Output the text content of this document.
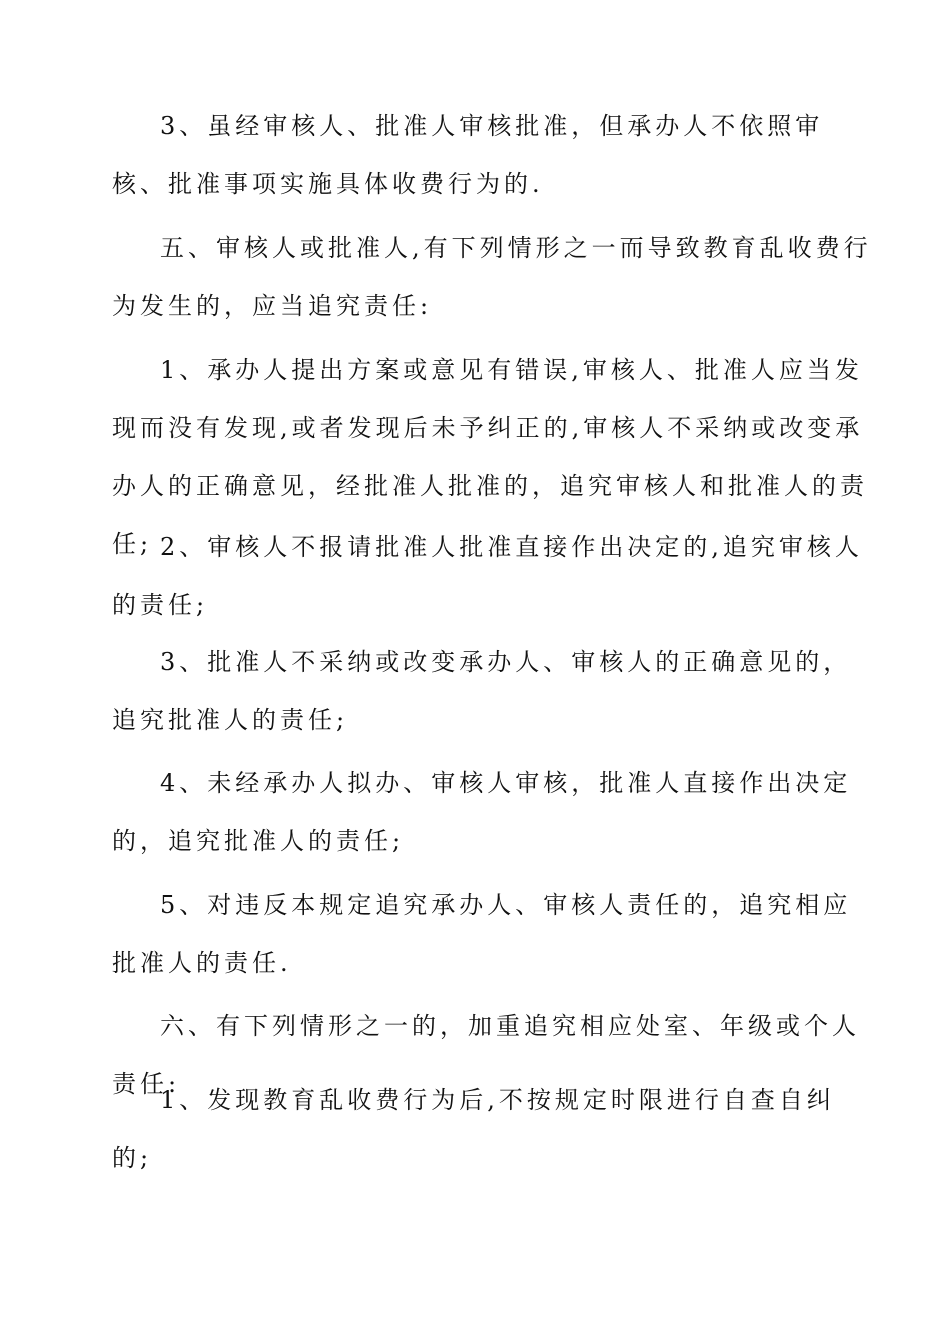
3、虽经审核人、批准人审核批准，但承办人不依照审核、批准事项实施具体收费行为的.

五、审核人或批准人,有下列情形之一而导致教育乱收费行为发生的，应当追究责任:

1、承办人提出方案或意见有错误,审核人、批准人应当发现而没有发现,或者发现后未予纠正的,审核人不采纳或改变承办人的正确意见，经批准人批准的，追究审核人和批准人的责任; 2、审核人不报请批准人批准直接作出决定的,追究审核人的责任;

3、批准人不采纳或改变承办人、审核人的正确意见的，追究批准人的责任;

4、未经承办人拟办、审核人审核，批准人直接作出决定的，追究批准人的责任;

5、对违反本规定追究承办人、审核人责任的，追究相应批准人的责任.

六、有下列情形之一的，加重追究相应处室、年级或个人责任:

1、发现教育乱收费行为后,不按规定时限进行自查自纠的;
